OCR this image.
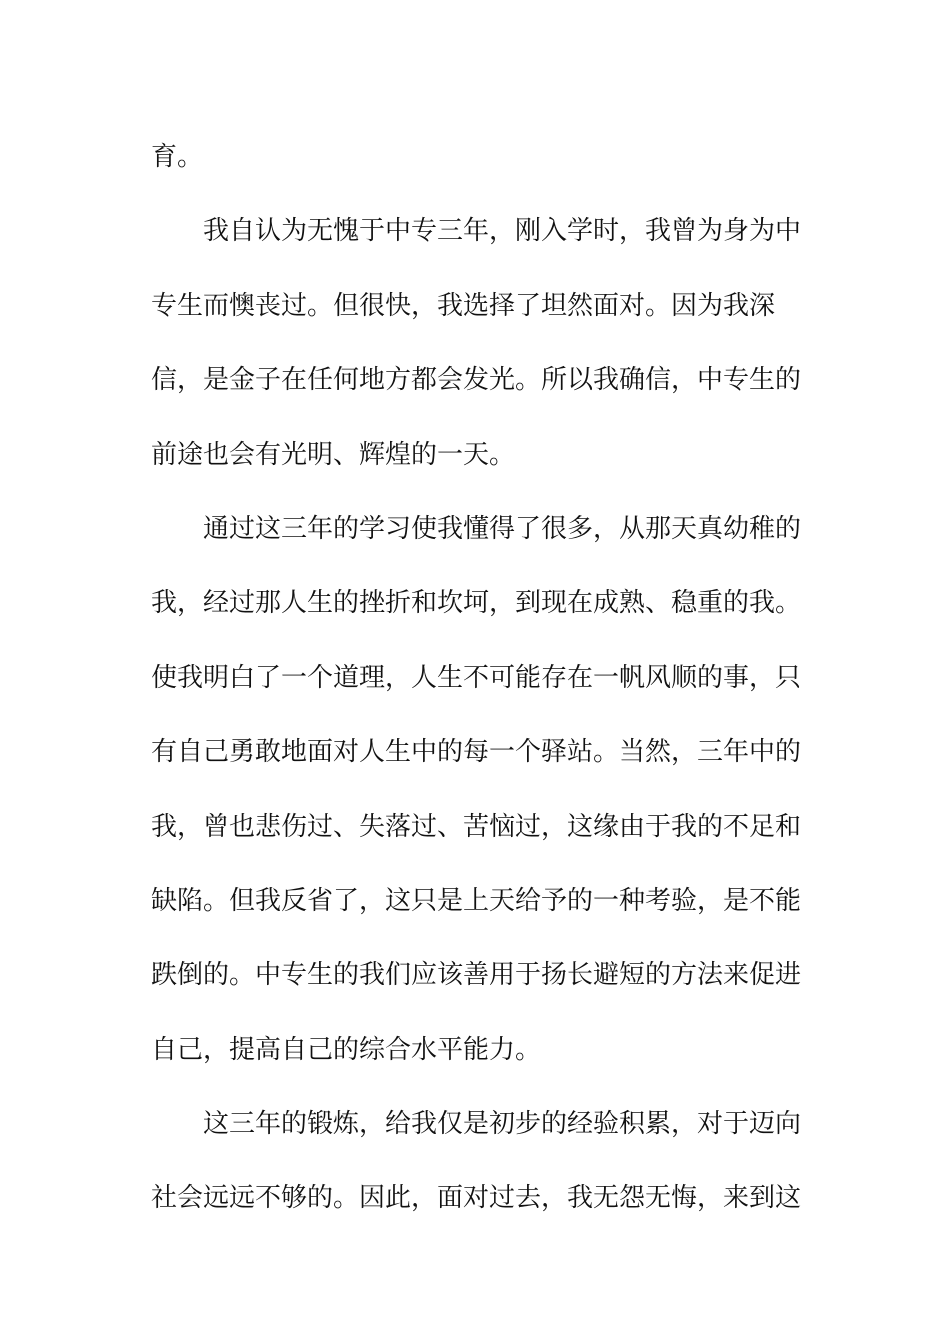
育。
我自认为无愧于中专三年，刚入学时，我曾为身为中
专生而懊丧过。但很快，我选择了坦然面对。因为我深
信，是金子在任何地方都会发光。所以我确信，中专生的
前途也会有光明、辉煌的一天。
通过这三年的学习使我懂得了很多，从那天真幼稚的
我，经过那人生的挫折和坎坷，到现在成熟、稳重的我。
使我明白了一个道理，人生不可能存在一帆风顺的事，只
有自己勇敢地面对人生中的每一个驿站。当然，三年中的
我，曾也悲伤过、失落过、苦恼过，这缘由于我的不足和
缺陷。但我反省了，这只是上天给予的一种考验，是不能
跌倒的。中专生的我们应该善用于扬长避短的方法来促进
自己，提高自己的综合水平能力。
这三年的锻炼，给我仅是初步的经验积累，对于迈向
社会远远不够的。因此，面对过去，我无怨无悔，来到这
